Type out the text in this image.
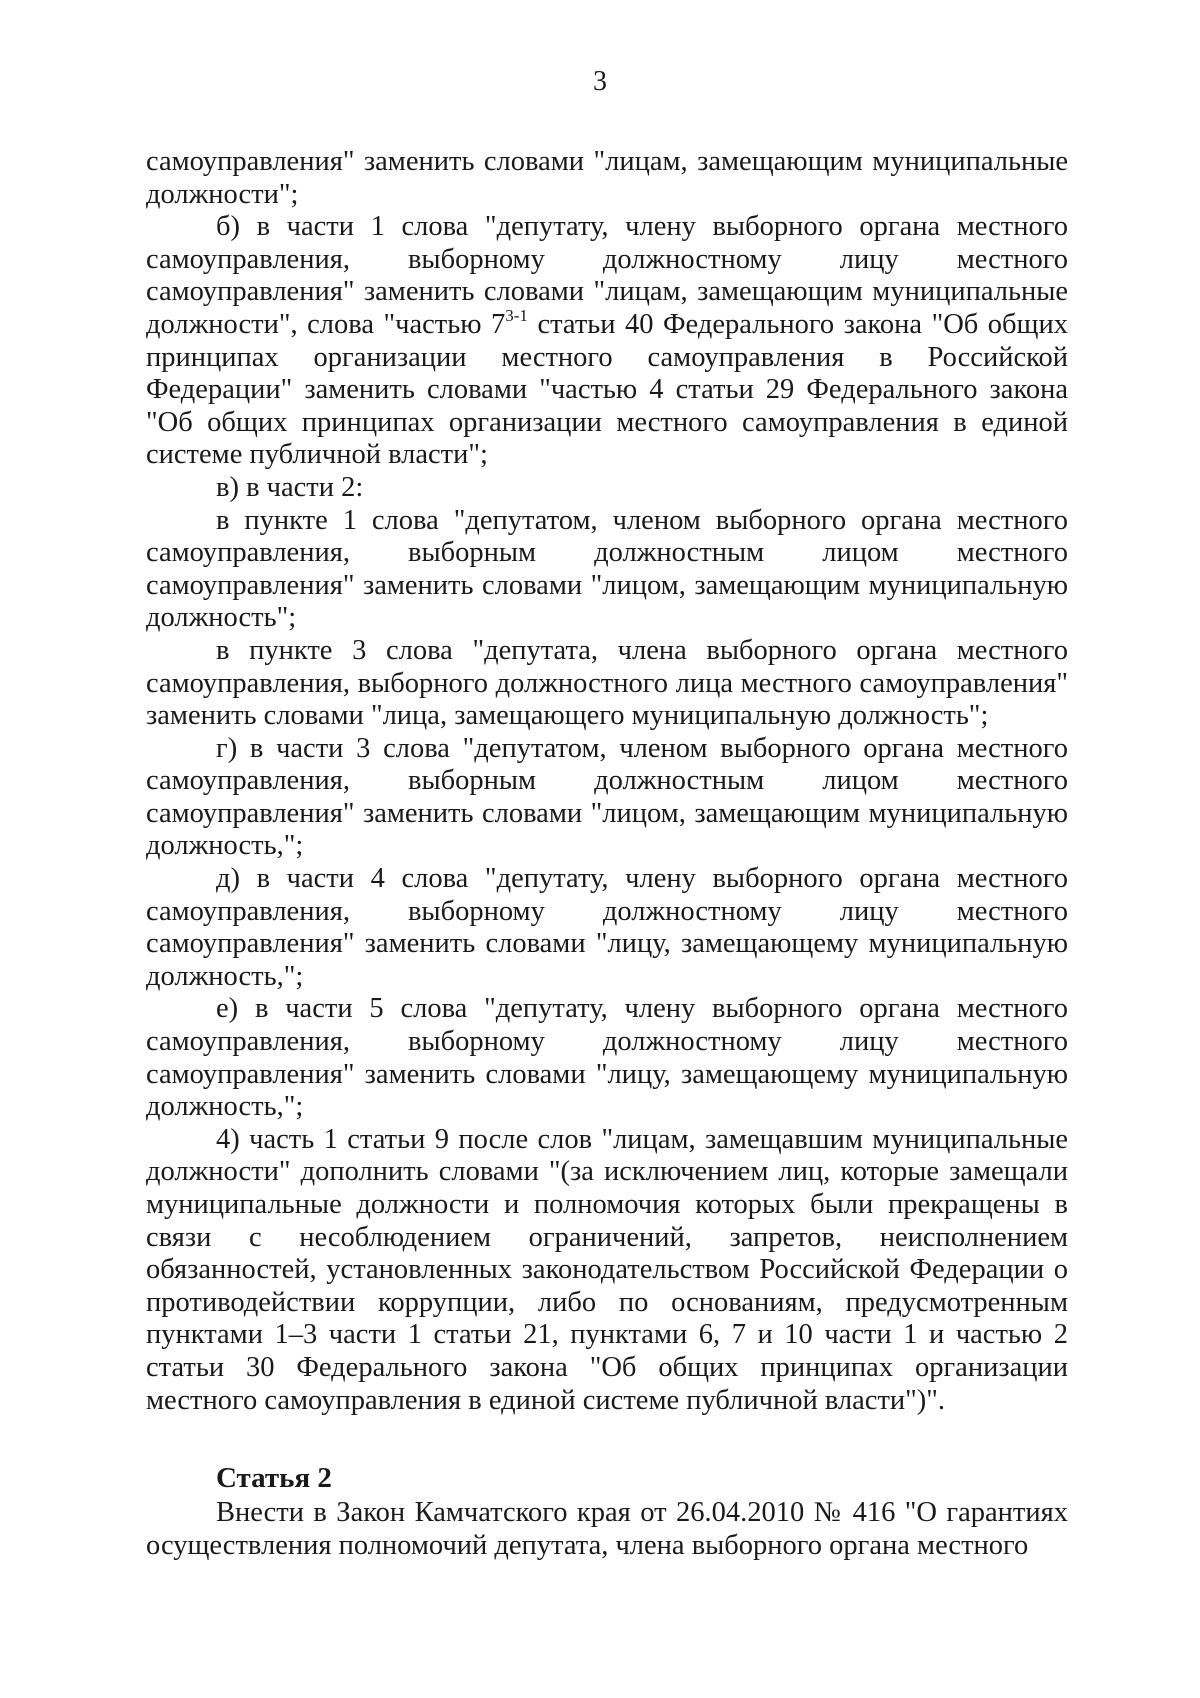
3

самоуправления" заменить словами "лицам, замещающим муниципальные должности";

б) в части 1 слова "депутату, члену выборного органа местного самоуправления, выборному должностному лицу местного самоуправления" заменить словами "лицам, замещающим муниципальные должности", слова "частью 7$^{3-1}$ статьи 40 Федерального закона "Об общих принципах организации местного самоуправления в Российской Федерации" заменить словами "частью 4 статьи 29 Федерального закона "Об общих принципах организации местного самоуправления в единой системе публичной власти";

в) в части 2:

в пункте 1 слова "депутатом, членом выборного органа местного самоуправления, выборным должностным лицом местного самоуправления" заменить словами "лицом, замещающим муниципальную должность";

в пункте 3 слова "депутата, члена выборного органа местного самоуправления, выборного должностного лица местного самоуправления" заменить словами "лица, замещающего муниципальную должность";

г) в части 3 слова "депутатом, членом выборного органа местного самоуправления, выборным должностным лицом местного самоуправления" заменить словами "лицом, замещающим муниципальную должность,";

д) в части 4 слова "депутату, члену выборного органа местного самоуправления, выборному должностному лицу местного самоуправления" заменить словами "лицу, замещающему муниципальную должность,";

е) в части 5 слова "депутату, члену выборного органа местного самоуправления, выборному должностному лицу местного самоуправления" заменить словами "лицу, замещающему муниципальную должность,";

4) часть 1 статьи 9 после слов "лицам, замещавшим муниципальные должности" дополнить словами "(за исключением лиц, которые замещали муниципальные должности и полномочия которых были прекращены в связи с несоблюдением ограничений, запретов, неисполнением обязанностей, установленных законодательством Российской Федерации о противодействии коррупции, либо по основаниям, предусмотренным пунктами 1–3 части 1 статьи 21, пунктами 6, 7 и 10 части 1 и частью 2 статьи 30 Федерального закона "Об общих принципах организации местного самоуправления в единой системе публичной власти")".

Статья 2

Внести в Закон Камчатского края от 26.04.2010 № 416 "О гарантиях осуществления полномочий депутата, члена выборного органа местного
